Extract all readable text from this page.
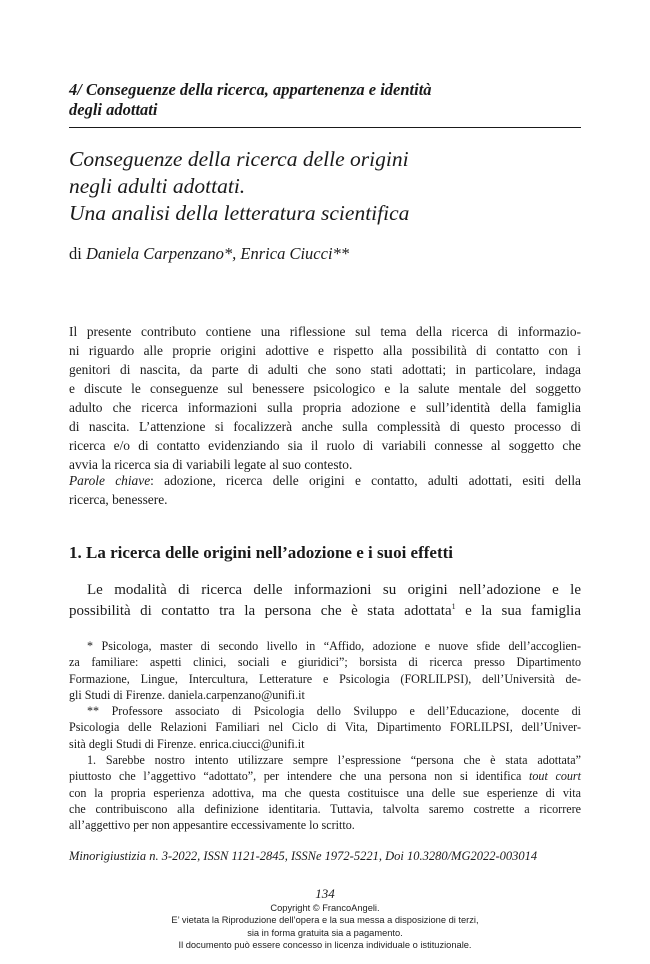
4/ Conseguenze della ricerca, appartenenza e identità
degli adottati
Conseguenze della ricerca delle origini
negli adulti adottati.
Una analisi della letteratura scientifica
di Daniela Carpenzano*, Enrica Ciucci**
Il presente contributo contiene una riflessione sul tema della ricerca di informazio-
ni riguardo alle proprie origini adottive e rispetto alla possibilità di contatto con i
genitori di nascita, da parte di adulti che sono stati adottati; in particolare, indaga
e discute le conseguenze sul benessere psicologico e la salute mentale del soggetto
adulto che ricerca informazioni sulla propria adozione e sull’identità della famiglia
di nascita. L’attenzione si focalizzerà anche sulla complessità di questo processo di
ricerca e/o di contatto evidenziando sia il ruolo di variabili connesse al soggetto che
avvia la ricerca sia di variabili legate al suo contesto.
Parole chiave: adozione, ricerca delle origini e contatto, adulti adottati, esiti della
ricerca, benessere.
1. La ricerca delle origini nell’adozione e i suoi effetti
Le modalità di ricerca delle informazioni su origini nell’adozione e le
possibilità di contatto tra la persona che è stata adottata$^1$ e la sua famiglia
* Psicologa, master di secondo livello in “Affido, adozione e nuove sfide dell’accoglien-
za familiare: aspetti clinici, sociali e giuridici”; borsista di ricerca presso Dipartimento
Formazione, Lingue, Intercultura, Letterature e Psicologia (FORLILPSI), dell’Università de-
gli Studi di Firenze. daniela.carpenzano@unifi.it
** Professore associato di Psicologia dello Sviluppo e dell’Educazione, docente di
Psicologia delle Relazioni Familiari nel Ciclo di Vita, Dipartimento FORLILPSI, dell’Univer-
sità degli Studi di Firenze. enrica.ciucci@unifi.it
1. Sarebbe nostro intento utilizzare sempre l’espressione “persona che è stata adottata”
piuttosto che l’aggettivo “adottato”, per intendere che una persona non si identifica tout court
con la propria esperienza adottiva, ma che questa costituisce una delle sue esperienze di vita
che contribuiscono alla definizione identitaria. Tuttavia, talvolta saremo costrette a ricorrere
all’aggettivo per non appesantire eccessivamente lo scritto.
Minorigiustizia n. 3-2022, ISSN 1121-2845, ISSNe 1972-5221, Doi 10.3280/MG2022-003014
134
Copyright © FrancoAngeli.
E’ vietata la Riproduzione dell’opera e la sua messa a disposizione di terzi,
sia in forma gratuita sia a pagamento.
Il documento può essere concesso in licenza individuale o istituzionale.
